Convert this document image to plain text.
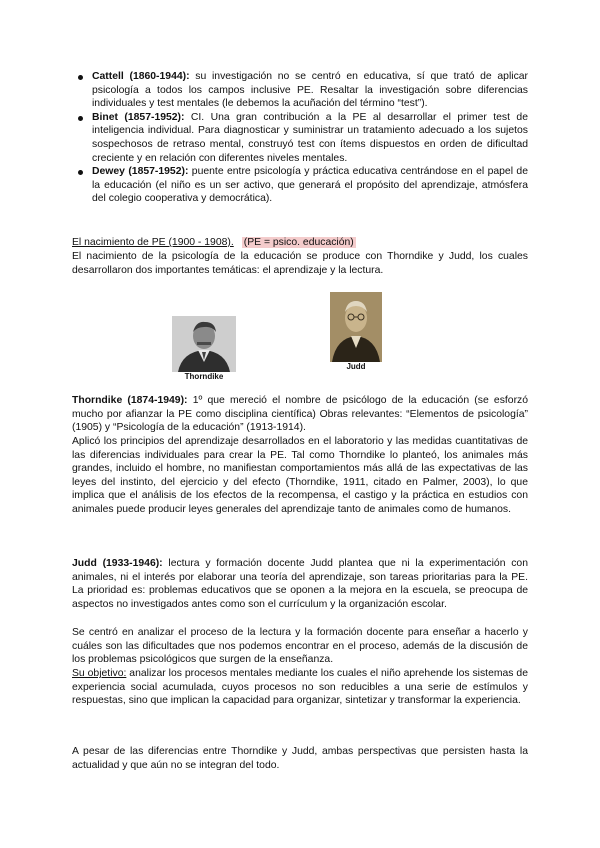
Cattell (1860-1944): su investigación no se centró en educativa, sí que trató de aplicar psicología a todos los campos inclusive PE. Resaltar la investigación sobre diferencias individuales y test mentales (le debemos la acuñación del término “test”).
Binet (1857-1952): CI. Una gran contribución a la PE al desarrollar el primer test de inteligencia individual. Para diagnosticar y suministrar un tratamiento adecuado a los sujetos sospechosos de retraso mental, construyó test con ítems dispuestos en orden de dificultad creciente y en relación con diferentes niveles mentales.
Dewey (1857-1952): puente entre psicología y práctica educativa centrándose en el papel de la educación (el niño es un ser activo, que generará el propósito del aprendizaje, atmósfera del colegio cooperativa y democrática).
El nacimiento de PE (1900 - 1908). (PE = psico. educación)

El nacimiento de la psicología de la educación se produce con Thorndike y Judd, los cuales desarrollaron dos importantes temáticas: el aprendizaje y la lectura.

Thorndike
Judd

Thorndike (1874-1949): 1º que mereció el nombre de psicólogo de la educación (se esforzó mucho por afianzar la PE como disciplina científica) Obras relevantes: “Elementos de psicología” (1905) y “Psicología de la educación” (1913-1914).

Aplicó los principios del aprendizaje desarrollados en el laboratorio y las medidas cuantitativas de las diferencias individuales para crear la PE. Tal como Thorndike lo planteó, los animales más grandes, incluido el hombre, no manifiestan comportamientos más allá de las expectativas de las leyes del instinto, del ejercicio y del efecto (Thorndike, 1911, citado en Palmer, 2003), lo que implica que el análisis de los efectos de la recompensa, el castigo y la práctica en estudios con animales puede producir leyes generales del aprendizaje tanto de animales como de humanos.

Judd (1933-1946): lectura y formación docente Judd plantea que ni la experimentación con animales, ni el interés por elaborar una teoría del aprendizaje, son tareas prioritarias para la PE. La prioridad es: problemas educativos que se oponen a la mejora en la escuela, se preocupa de aspectos no investigados antes como son el currículum y la organización escolar.

Se centró en analizar el proceso de la lectura y la formación docente para enseñar a hacerlo y cuáles son las dificultades que nos podemos encontrar en el proceso, además de la discusión de los problemas psicológicos que surgen de la enseñanza.

Su objetivo: analizar los procesos mentales mediante los cuales el niño aprehende los sistemas de experiencia social acumulada, cuyos procesos no son reducibles a una serie de estímulos y respuestas, sino que implican la capacidad para organizar, sintetizar y transformar la experiencia.

A pesar de las diferencias entre Thorndike y Judd, ambas perspectivas que persisten hasta la actualidad y que aún no se integran del todo.
